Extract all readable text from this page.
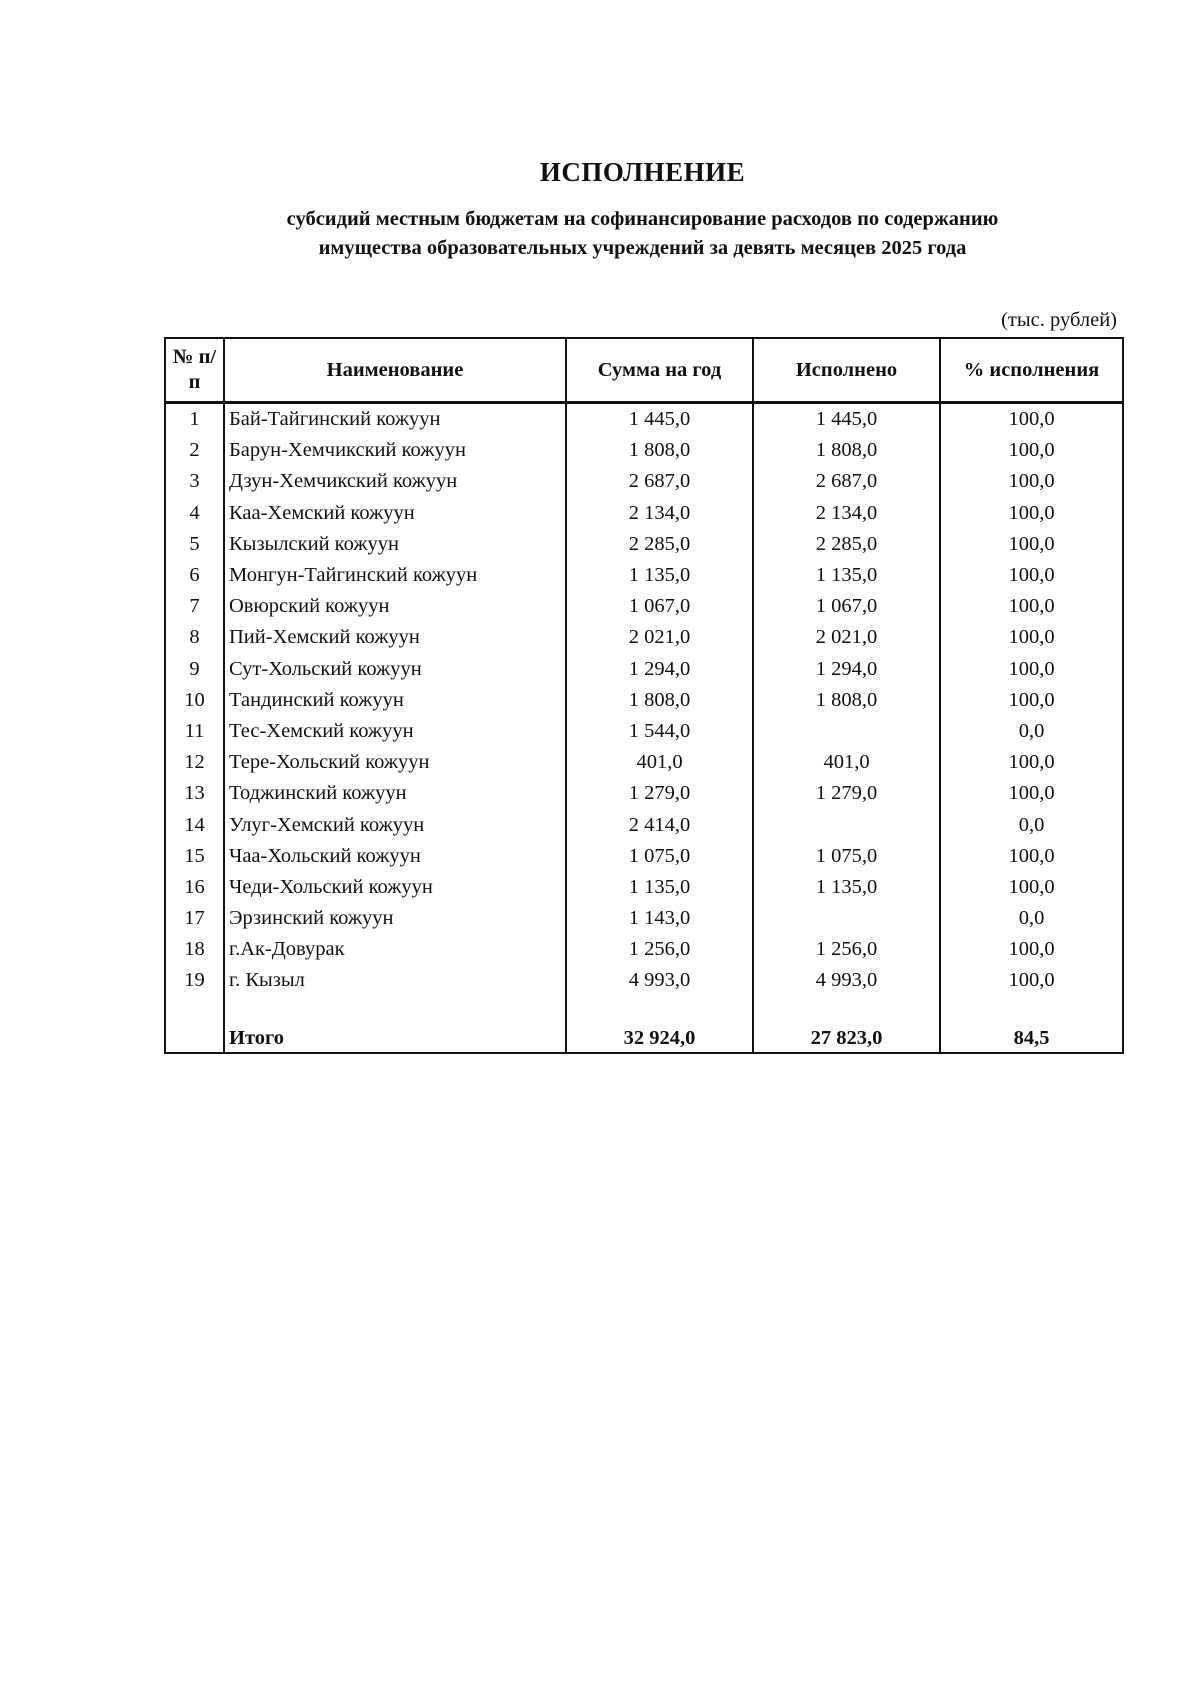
ИСПОЛНЕНИЕ
субсидий местным бюджетам на софинансирование расходов по содержанию
имущества образовательных учреждений за девять месяцев 2025 года
(тыс. рублей)
№ п/п	Наименование	Сумма на год	Исполнено	% исполнения
1	Бай-Тайгинский кожуун	1 445,0	1 445,0	100,0
2	Барун-Хемчикский кожуун	1 808,0	1 808,0	100,0
3	Дзун-Хемчикский кожуун	2 687,0	2 687,0	100,0
4	Каа-Хемский кожуун	2 134,0	2 134,0	100,0
5	Кызылский кожуун	2 285,0	2 285,0	100,0
6	Монгун-Тайгинский кожуун	1 135,0	1 135,0	100,0
7	Овюрский кожуун	1 067,0	1 067,0	100,0
8	Пий-Хемский кожуун	2 021,0	2 021,0	100,0
9	Сут-Хольский кожуун	1 294,0	1 294,0	100,0
10	Тандинский кожуун	1 808,0	1 808,0	100,0
11	Тес-Хемский кожуун	1 544,0		0,0
12	Тере-Хольский кожуун	401,0	401,0	100,0
13	Тоджинский кожуун	1 279,0	1 279,0	100,0
14	Улуг-Хемский кожуун	2 414,0		0,0
15	Чаа-Хольский кожуун	1 075,0	1 075,0	100,0
16	Чеди-Хольский кожуун	1 135,0	1 135,0	100,0
17	Эрзинский кожуун	1 143,0		0,0
18	г.Ак-Довурак	1 256,0	1 256,0	100,0
19	г. Кызыл	4 993,0	4 993,0	100,0
	Итого	32 924,0	27 823,0	84,5
